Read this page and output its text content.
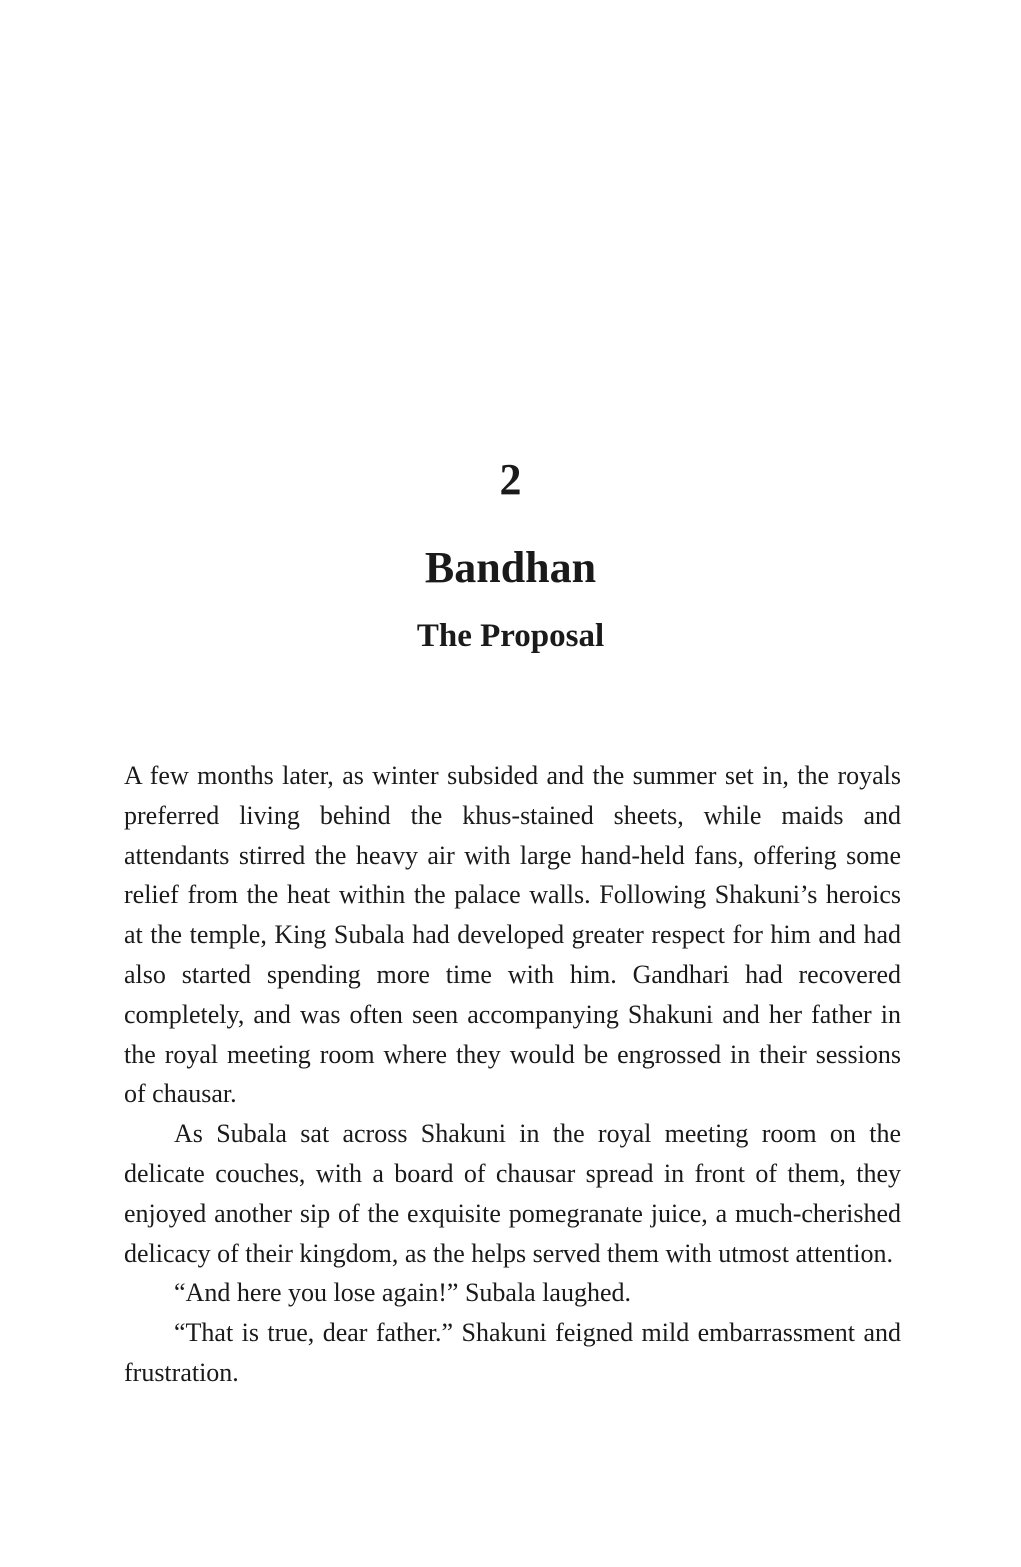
2
Bandhan
The Proposal

A few months later, as winter subsided and the summer set in, the royals preferred living behind the khus-stained sheets, while maids and attendants stirred the heavy air with large hand-held fans, offering some relief from the heat within the palace walls. Following Shakuni’s heroics at the temple, King Subala had developed greater respect for him and had also started spending more time with him. Gandhari had recovered completely, and was often seen accompanying Shakuni and her father in the royal meeting room where they would be engrossed in their sessions of chausar.

As Subala sat across Shakuni in the royal meeting room on the delicate couches, with a board of chausar spread in front of them, they enjoyed another sip of the exquisite pomegranate juice, a much-cherished delicacy of their kingdom, as the helps served them with utmost attention.

“And here you lose again!” Subala laughed.

“That is true, dear father.” Shakuni feigned mild embarrassment and frustration.
